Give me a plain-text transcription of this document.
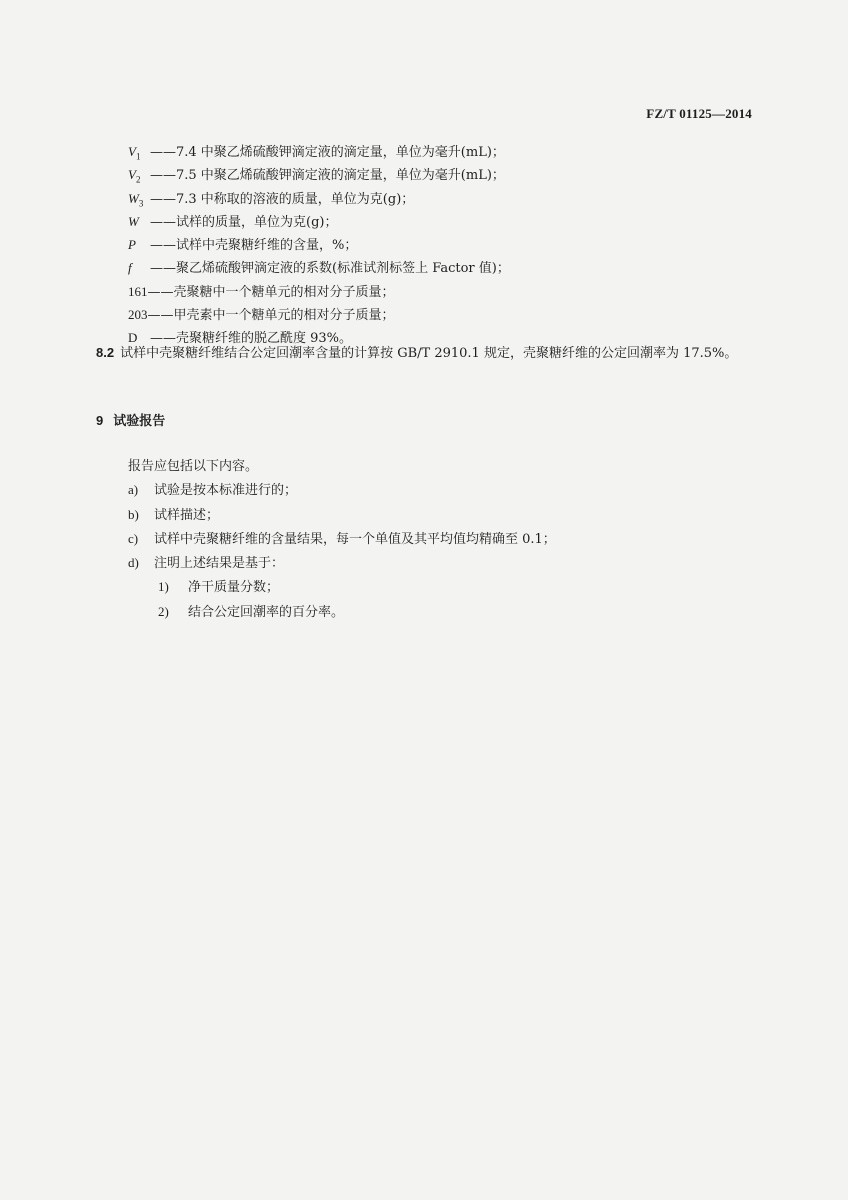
FZ/T 01125—2014
$V_1$ ——7.4 中聚乙烯硫酸钾滴定液的滴定量，单位为毫升(mL)；
$V_2$ ——7.5 中聚乙烯硫酸钾滴定液的滴定量，单位为毫升(mL)；
$W_3$ ——7.3 中称取的溶液的质量，单位为克(g)；
W ——试样的质量，单位为克(g)；
P ——试样中壳聚糖纤维的含量，%；
f ——聚乙烯硫酸钾滴定液的系数(标准试剂标签上 Factor 值)；
161——壳聚糖中一个糖单元的相对分子质量；
203——甲壳素中一个糖单元的相对分子质量；
D ——壳聚糖纤维的脱乙酰度 93%。
8.2 试样中壳聚糖纤维结合公定回潮率含量的计算按 GB/T 2910.1 规定，壳聚糖纤维的公定回潮率为 17.5%。
9 试验报告
报告应包括以下内容。
a) 试验是按本标准进行的；
b) 试样描述；
c) 试样中壳聚糖纤维的含量结果，每一个单值及其平均值均精确至 0.1；
d) 注明上述结果是基于：
1) 净干质量分数；
2) 结合公定回潮率的百分率。
